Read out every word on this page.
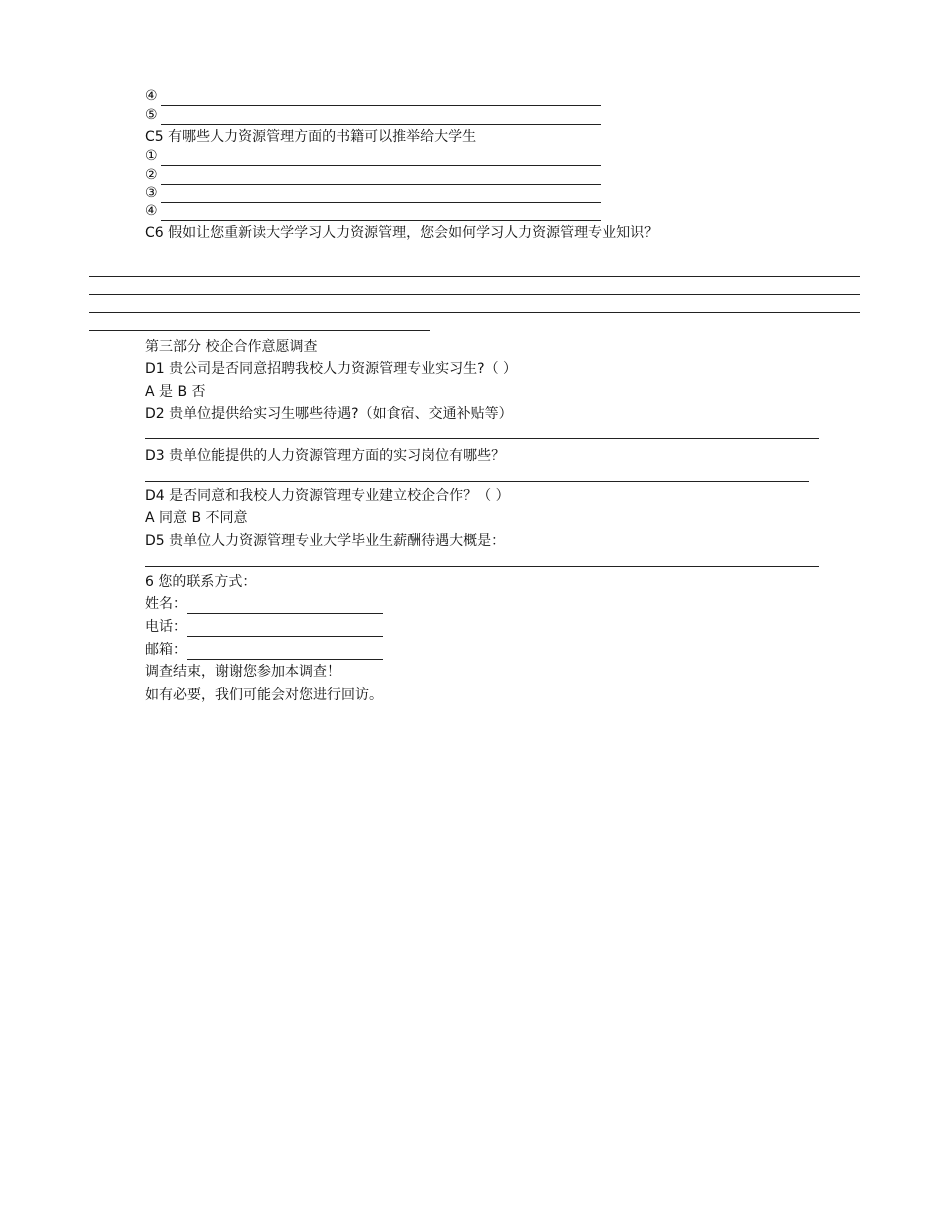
④
⑤
C5 有哪些人力资源管理方面的书籍可以推举给大学生
①
②
③
④
C6 假如让您重新读大学学习人力资源管理，您会如何学习人力资源管理专业知识？
第三部分 校企合作意愿调查
D1 贵公司是否同意招聘我校人力资源管理专业实习生?（ ）
A 是 B 否
D2 贵单位提供给实习生哪些待遇?（如食宿、交通补贴等）
D3 贵单位能提供的人力资源管理方面的实习岗位有哪些？
D4 是否同意和我校人力资源管理专业建立校企合作？（ ）
A 同意 B 不同意
D5 贵单位人力资源管理专业大学毕业生薪酬待遇大概是：
6 您的联系方式：
姓名：
电话：
邮箱：
调查结束，谢谢您参加本调查！
如有必要，我们可能会对您进行回访。
